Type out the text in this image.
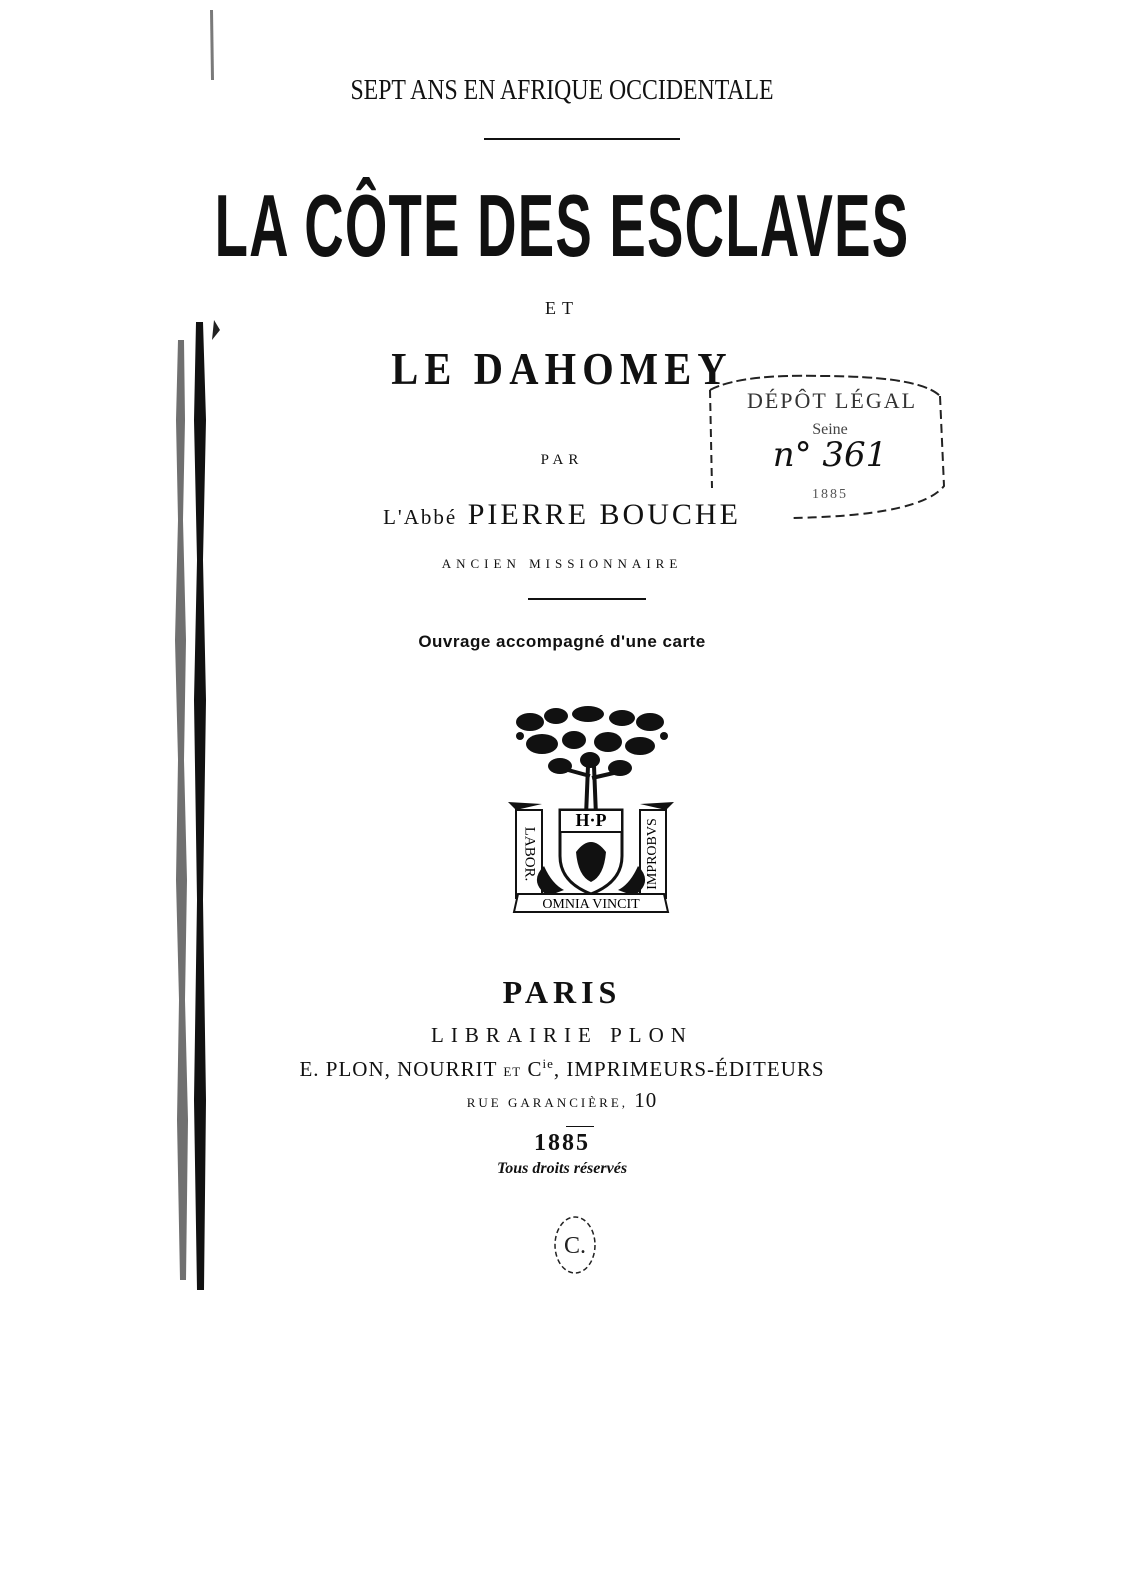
SEPT ANS EN AFRIQUE OCCIDENTALE
LA CÔTE DES ESCLAVES
ET
LE DAHOMEY
PAR
L'Abbé PIERRE BOUCHE
ANCIEN MISSIONNAIRE
Ouvrage accompagné d'une carte
LABOR.	IMPROBVS
H·P
OMNIA VINCIT
PARIS
LIBRAIRIE PLON
E. PLON, NOURRIT ET $C^{ie}$, IMPRIMEURS-ÉDITEURS
RUE GARANCIÈRE, 10
1885
Tous droits réservés
DÉPÔT LÉGAL
Seine
n° 361
1885
C.
